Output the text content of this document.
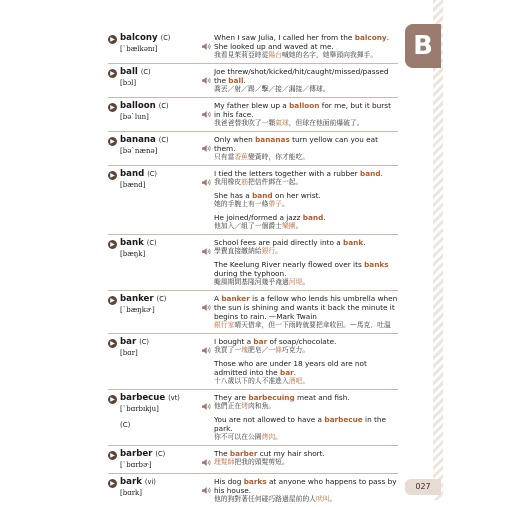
B
027
▶ balcony (C)
[ˋbælkənɪ]
When I saw Julia, I called her from the balcony. She looked up and waved at me.
我看見茱莉亞時從陽台喊她的名字，她舉頭向我揮手。
▶ ball (C)
[bɔl]
Joe threw/shot/kicked/hit/caught/missed/passed the ball.
喬丟／射／踢／擊／接／漏接／傳球。
▶ balloon (C)
[bəˋlun]
My father blew up a balloon for me, but it burst in his face.
我爸爸替我吹了一顆氣球，但球在他面前爆破了。
▶ banana (C)
[bəˋnænə]
Only when bananas turn yellow can you eat them.
只有當香蕉變黃時，你才能吃。
▶ band (C)
[bænd]
I tied the letters together with a rubber band.
我用橡皮筋把信件綁在一起。
She has a band on her wrist.
她的手腕上有一條帶子。
He joined/formed a jazz band.
他加入／組了一個爵士樂團。
▶ bank (C)
[bæŋk]
School fees are paid directly into a bank.
學費直接繳納給銀行。
The Keelung River nearly flowed over its banks during the typhoon.
颱風期間基隆河幾乎淹過河堤。
▶ banker (C)
[ˋbæŋkɚ]
A banker is a fellow who lends his umbrella when the sun is shining and wants it back the minute it begins to rain. —Mark Twain
銀行家晴天借傘，但一下雨時就要把傘收回。—馬克．吐溫
▶ bar (C)
[bɑr]
I bought a bar of soap/chocolate.
我買了一塊肥皂／一條巧克力。
Those who are under 18 years old are not admitted into the bar.
十八歲以下的人不准進入酒吧。
▶ barbecue (vt)
[ˋbɑrbɪkju]
(C)
They are barbecuing meat and fish.
他們正在烤肉和魚。
You are not allowed to have a barbecue in the park.
你不可以在公園烤肉。
▶ barber (C)
[ˋbɑrbɚ]
The barber cut my hair short.
理髮師把我的頭髮剪短。
▶ bark (vi)
[bɑrk]
His dog barks at anyone who happens to pass by his house.
他的狗對著任何碰巧路過屋前的人吠叫。
